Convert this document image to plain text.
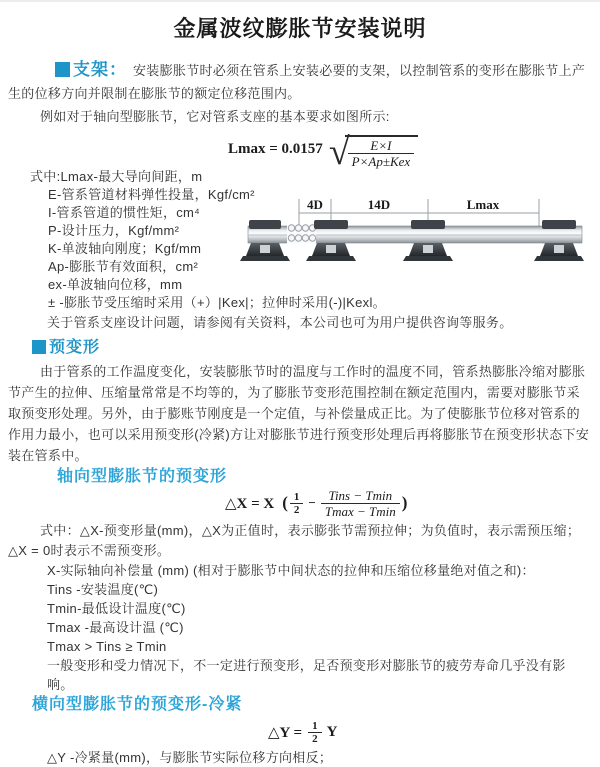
金属波纹膨胀节安装说明

支架： 安装膨胀节时必须在管系上安装必要的支架，以控制管系的变形在膨胀节上产生的位移方向并限制在膨胀节的额定位移范围内。

例如对于轴向型膨胀节，它对管系支座的基本要求如图所示:

Lmax = 0.0157 √
$\frac{E\times I}{\text{P×Ap±Kex}}$
式中:Lmax-最大导向间距，m
E-管系管道材料弹性投量，Kgf/cm²
I-管系管道的惯性矩，cm⁴
P-设计压力，Kgf/mm²
K-单波轴向刚度；Kgf/mm
Ap-膨胀节有效面积，cm²
ex-单波轴向位移，mm
± -膨胀节受压缩时采用（+）|Kex|；拉伸时采用(-)|Kexl。

关于管系支座设计问题，请参阅有关资料，本公司也可为用户提供咨询等服务。

预变形

由于管系的工作温度变化，安装膨胀节时的温度与工作时的温度不同，管系热膨胀冷缩对膨胀节产生的拉伸、压缩量常常是不均等的，为了膨胀节变形范围控制在额定范围内，需要对膨胀节采取预变形处理。另外，由于膨账节刚度是一个定值，与补偿量成正比。为了使膨胀节位移对管系的作用力最小，也可以采用预变形(冷紧)方让对膨胀节进行预变形处理后再将膨胀节在预变形状态下安装在管系中。

轴向型膨胀节的预变形
△X = X ( $\frac{1}{2} - \frac{\text{Tins − Tmin}}{Tmax - Tmin}$ )

式中：△X-预变形量(mm)，△X为正值时，表示膨张节需预拉伸；为负值时，表示需预压缩；△X = 0时表示不需预变形。

X-实际轴向补偿量 (mm) (相对于膨胀节中间状态的拉伸和压缩位移量绝对值之和)：
Tins -安装温度(℃)
Tmin-最低设计温度(℃)
Tmax -最高设计温 (℃)
Tmax > Tins ≥ Tmin
一般变形和受力情况下，不一定进行预变形，足否预变形对膨胀节的疲劳寿命几乎没有影响。
横向型膨胀节的预变形-冷紧
△Y = $\frac{1}{2}$ Y

△Y -冷紧量(mm)，与膨胀节实际位移方向相反；

4D	14D	Lmax
